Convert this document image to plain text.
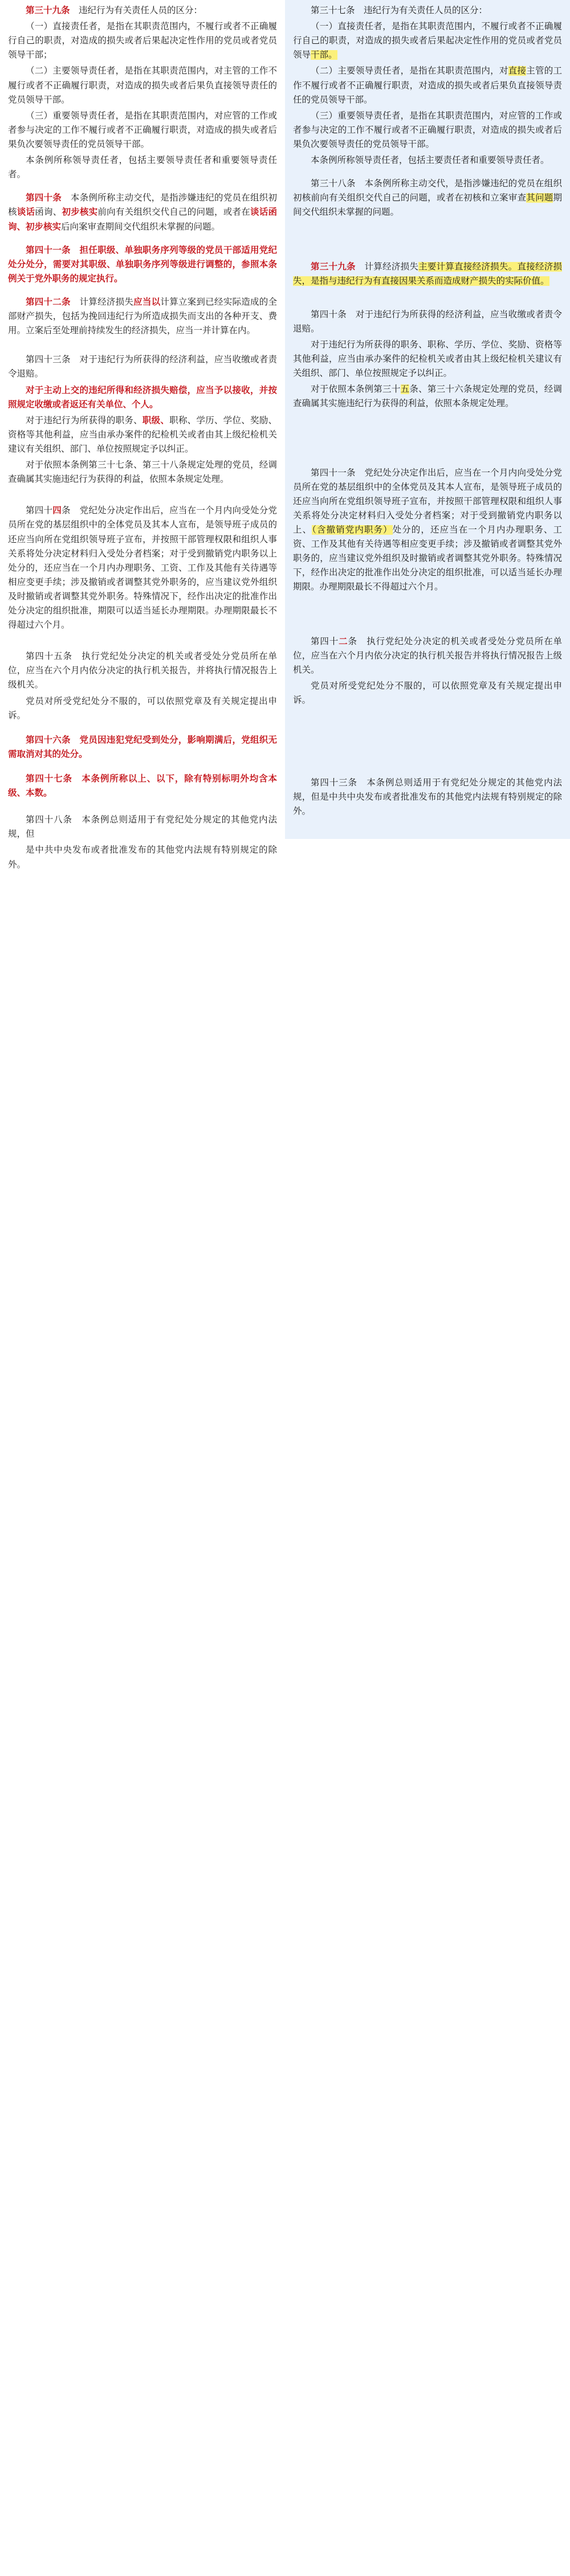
第三十九条　违纪行为有关责任人员的区分：

（一）直接责任者，是指在其职责范围内，不履行或者不正确履行自己的职责，对造成的损失或者后果起决定性作用的党员或者党员领导干部；

（二）主要领导责任者，是指在其职责范围内，对主管的工作不履行或者不正确履行职责，对造成的损失或者后果负直接领导责任的党员领导干部。

（三）重要领导责任者，是指在其职责范围内，对应管的工作或者参与决定的工作不履行或者不正确履行职责，对造成的损失或者后果负次要领导责任的党员领导干部。

本条例所称领导责任者，包括主要领导责任者和重要领导责任者。

第四十条　本条例所称主动交代，是指涉嫌违纪的党员在组织初核谈话函询、初步核实前向有关组织交代自己的问题，或者在谈话函询、初步核实后向案审查期间交代组织未掌握的问题。

第四十一条　担任职级、单独职务序列等级的党员干部适用党纪处分处分，需要对其职级、单独职务序列等级进行调整的，参照本条例关于党外职务的规定执行。

第四十二条　计算经济损失应当以计算立案到已经实际造成的全部财产损失，包括为挽回违纪行为所造成损失而支出的各种开支、费用。立案后至处理前持续发生的经济损失，应当一并计算在内。

第四十三条　对于违纪行为所获得的经济利益，应当收缴或者责令退赔。

对于主动上交的违纪所得和经济损失赔偿，应当予以接收，并按照规定收缴或者返还有关单位、个人。

对于违纪行为所获得的职务、职级、职称、学历、学位、奖励、资格等其他利益，应当由承办案件的纪检机关或者由其上级纪检机关建议有关组织、部门、单位按照规定予以纠正。

对于依照本条例第三十七条、第三十八条规定处理的党员，经调查确属其实施违纪行为获得的利益，依照本条规定处理。

第四十四条　党纪处分决定作出后，应当在一个月内向受处分党员所在党的基层组织中的全体党员及其本人宣布，是领导班子成员的还应当向所在党组织领导班子宣布，并按照干部管理权限和组织人事关系将处分决定材料归入受处分者档案；对于受到撤销党内职务以上处分的，还应当在一个月内办理职务、工资、工作及其他有关待遇等相应变更手续；涉及撤销或者调整其党外职务的，应当建议党外组织及时撤销或者调整其党外职务。特殊情况下，经作出决定的批准作出处分决定的组织批准，期限可以适当延长办理期限。办理期限最长不得超过六个月。

第四十五条　执行党纪处分决定的机关或者受处分党员所在单位，应当在六个月内依分决定的执行机关报告，并将执行情况报告上级机关。

党员对所受党纪处分不服的，可以依照党章及有关规定提出申诉。

第四十六条　党员因违犯党纪受到处分，影响期满后，党组织无需取消对其的处分。

第四十七条　本条例所称以上、以下，除有特别标明外均含本级、本数。

第四十八条　本条例总则适用于有党纪处分规定的其他党内法规，但

是中共中央发布或者批准发布的其他党内法规有特别规定的除外。

第三十七条　违纪行为有关责任人员的区分：

（一）直接责任者，是指在其职责范围内，不履行或者不正确履行自己的职责，对造成的损失或者后果起决定性作用的党员或者党员领导干部。

（二）主要领导责任者，是指在其职责范围内，对直接主管的工作不履行或者不正确履行职责，对造成的损失或者后果负直接领导责任的党员领导干部。

（三）重要领导责任者，是指在其职责范围内，对应管的工作或者参与决定的工作不履行或者不正确履行职责，对造成的损失或者后果负次要领导责任的党员领导干部。

本条例所称领导责任者，包括主要责任者和重要领导责任者。

第三十八条　本条例所称主动交代，是指涉嫌违纪的党员在组织初核前向有关组织交代自己的问题，或者在初核和立案审查其问题期间交代组织未掌握的问题。

第三十九条　计算经济损失主要计算直接经济损失。直接经济损失，是指与违纪行为有直接因果关系而造成财产损失的实际价值。

第四十条　对于违纪行为所获得的经济利益，应当收缴或者责令退赔。

对于违纪行为所获得的职务、职称、学历、学位、奖励、资格等其他利益，应当由承办案件的纪检机关或者由其上级纪检机关建议有关组织、部门、单位按照规定予以纠正。

对于依照本条例第三十五条、第三十六条规定处理的党员，经调查确属其实施违纪行为获得的利益，依照本条规定处理。

第四十一条　党纪处分决定作出后，应当在一个月内向受处分党员所在党的基层组织中的全体党员及其本人宣布，是领导班子成员的还应当向所在党组织领导班子宣布，并按照干部管理权限和组织人事关系将处分决定材料归入受处分者档案；对于受到撤销党内职务以上、（含撤销党内职务）处分的，还应当在一个月内办理职务、工资、工作及其他有关待遇等相应变更手续；涉及撤销或者调整其党外职务的，应当建议党外组织及时撤销或者调整其党外职务。特殊情况下，经作出决定的批准作出处分决定的组织批准，可以适当延长办理期限。办理期限最长不得超过六个月。

第四十二条　执行党纪处分决定的机关或者受处分党员所在单位，应当在六个月内依分决定的执行机关报告并将执行情况报告上级机关。

党员对所受党纪处分不服的，可以依照党章及有关规定提出申诉。

第四十三条　本条例总则适用于有党纪处分规定的其他党内法规，但是中共中央发布或者批准发布的其他党内法规有特别规定的除外。
